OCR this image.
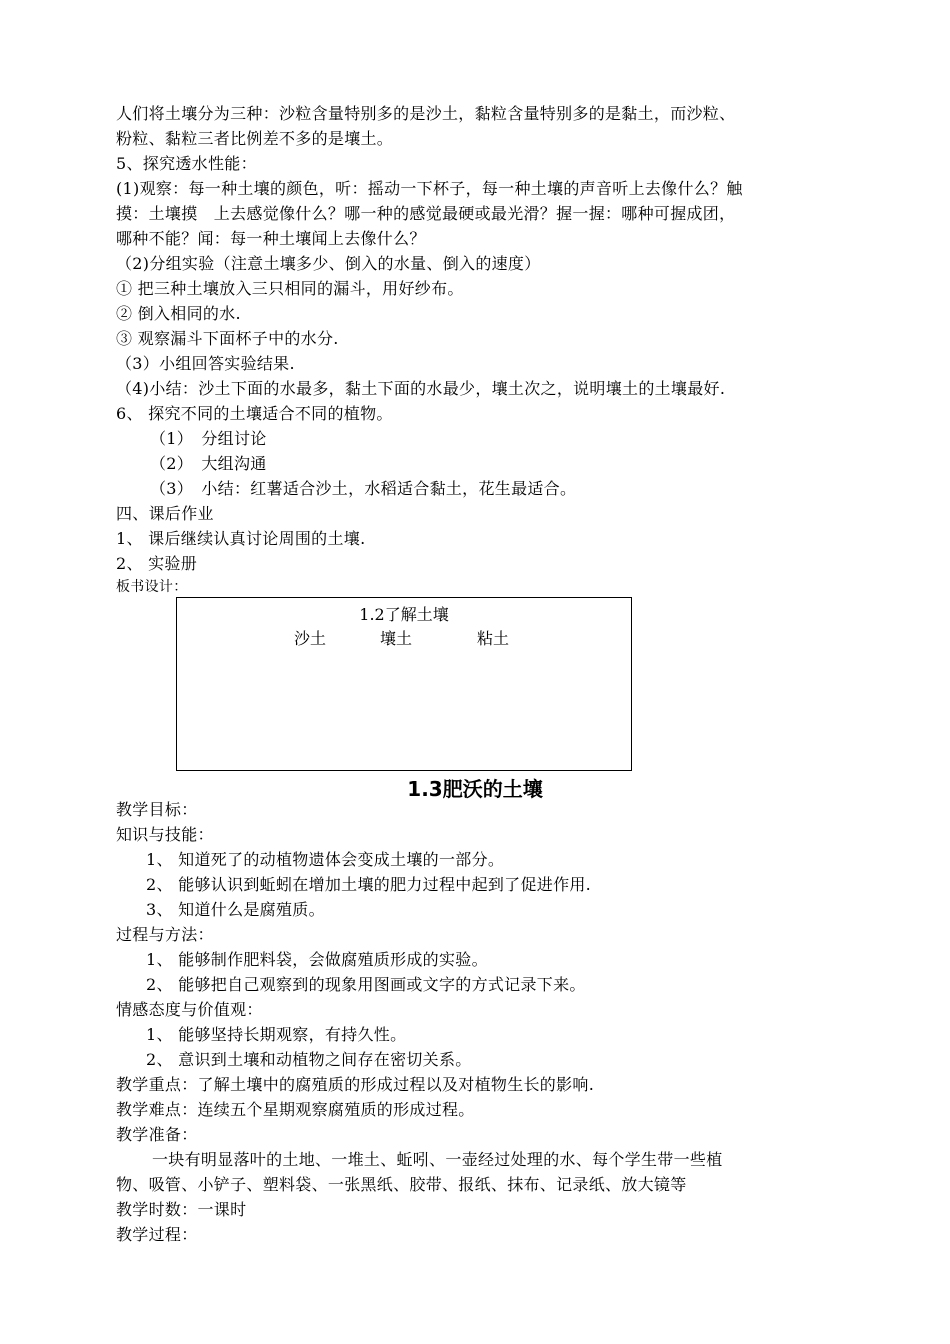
人们将土壤分为三种：沙粒含量特别多的是沙土，黏粒含量特别多的是黏土，而沙粒、
粉粒、黏粒三者比例差不多的是壤土。
5、探究透水性能：
(1)观察：每一种土壤的颜色，听：摇动一下杯子，每一种土壤的声音听上去像什么？触
摸：土壤摸　上去感觉像什么？哪一种的感觉最硬或最光滑？握一握：哪种可握成团，
哪种不能？闻：每一种土壤闻上去像什么？
（2)分组实验（注意土壤多少、倒入的水量、倒入的速度）
① 把三种土壤放入三只相同的漏斗，用好纱布。
② 倒入相同的水.
③ 观察漏斗下面杯子中的水分.
（3）小组回答实验结果.
（4)小结：沙土下面的水最多，黏土下面的水最少，壤土次之，说明壤土的土壤最好.
6、 探究不同的土壤适合不同的植物。
（1）　分组讨论
（2）　大组沟通
（3）　小结：红薯适合沙土，水稻适合黏土，花生最适合。
四、课后作业
1、 课后继续认真讨论周围的土壤.
2、 实验册
板书设计：
1.2了解土壤
沙土	壤土	粘土
1.3肥沃的土壤
教学目标：
知识与技能：
1、 知道死了的动植物遗体会变成土壤的一部分。
2、 能够认识到蚯蚓在增加土壤的肥力过程中起到了促进作用.
3、 知道什么是腐殖质。
过程与方法：
1、 能够制作肥料袋，会做腐殖质形成的实验。
2、 能够把自己观察到的现象用图画或文字的方式记录下来。
情感态度与价值观：
1、 能够坚持长期观察，有持久性。
2、 意识到土壤和动植物之间存在密切关系。
教学重点：了解土壤中的腐殖质的形成过程以及对植物生长的影响.
教学难点：连续五个星期观察腐殖质的形成过程。
教学准备：
一块有明显落叶的土地、一堆土、蚯吲、一壶经过处理的水、每个学生带一些植
物、吸管、小铲子、塑料袋、一张黑纸、胶带、报纸、抹布、记录纸、放大镜等
教学时数：一课时
教学过程：
